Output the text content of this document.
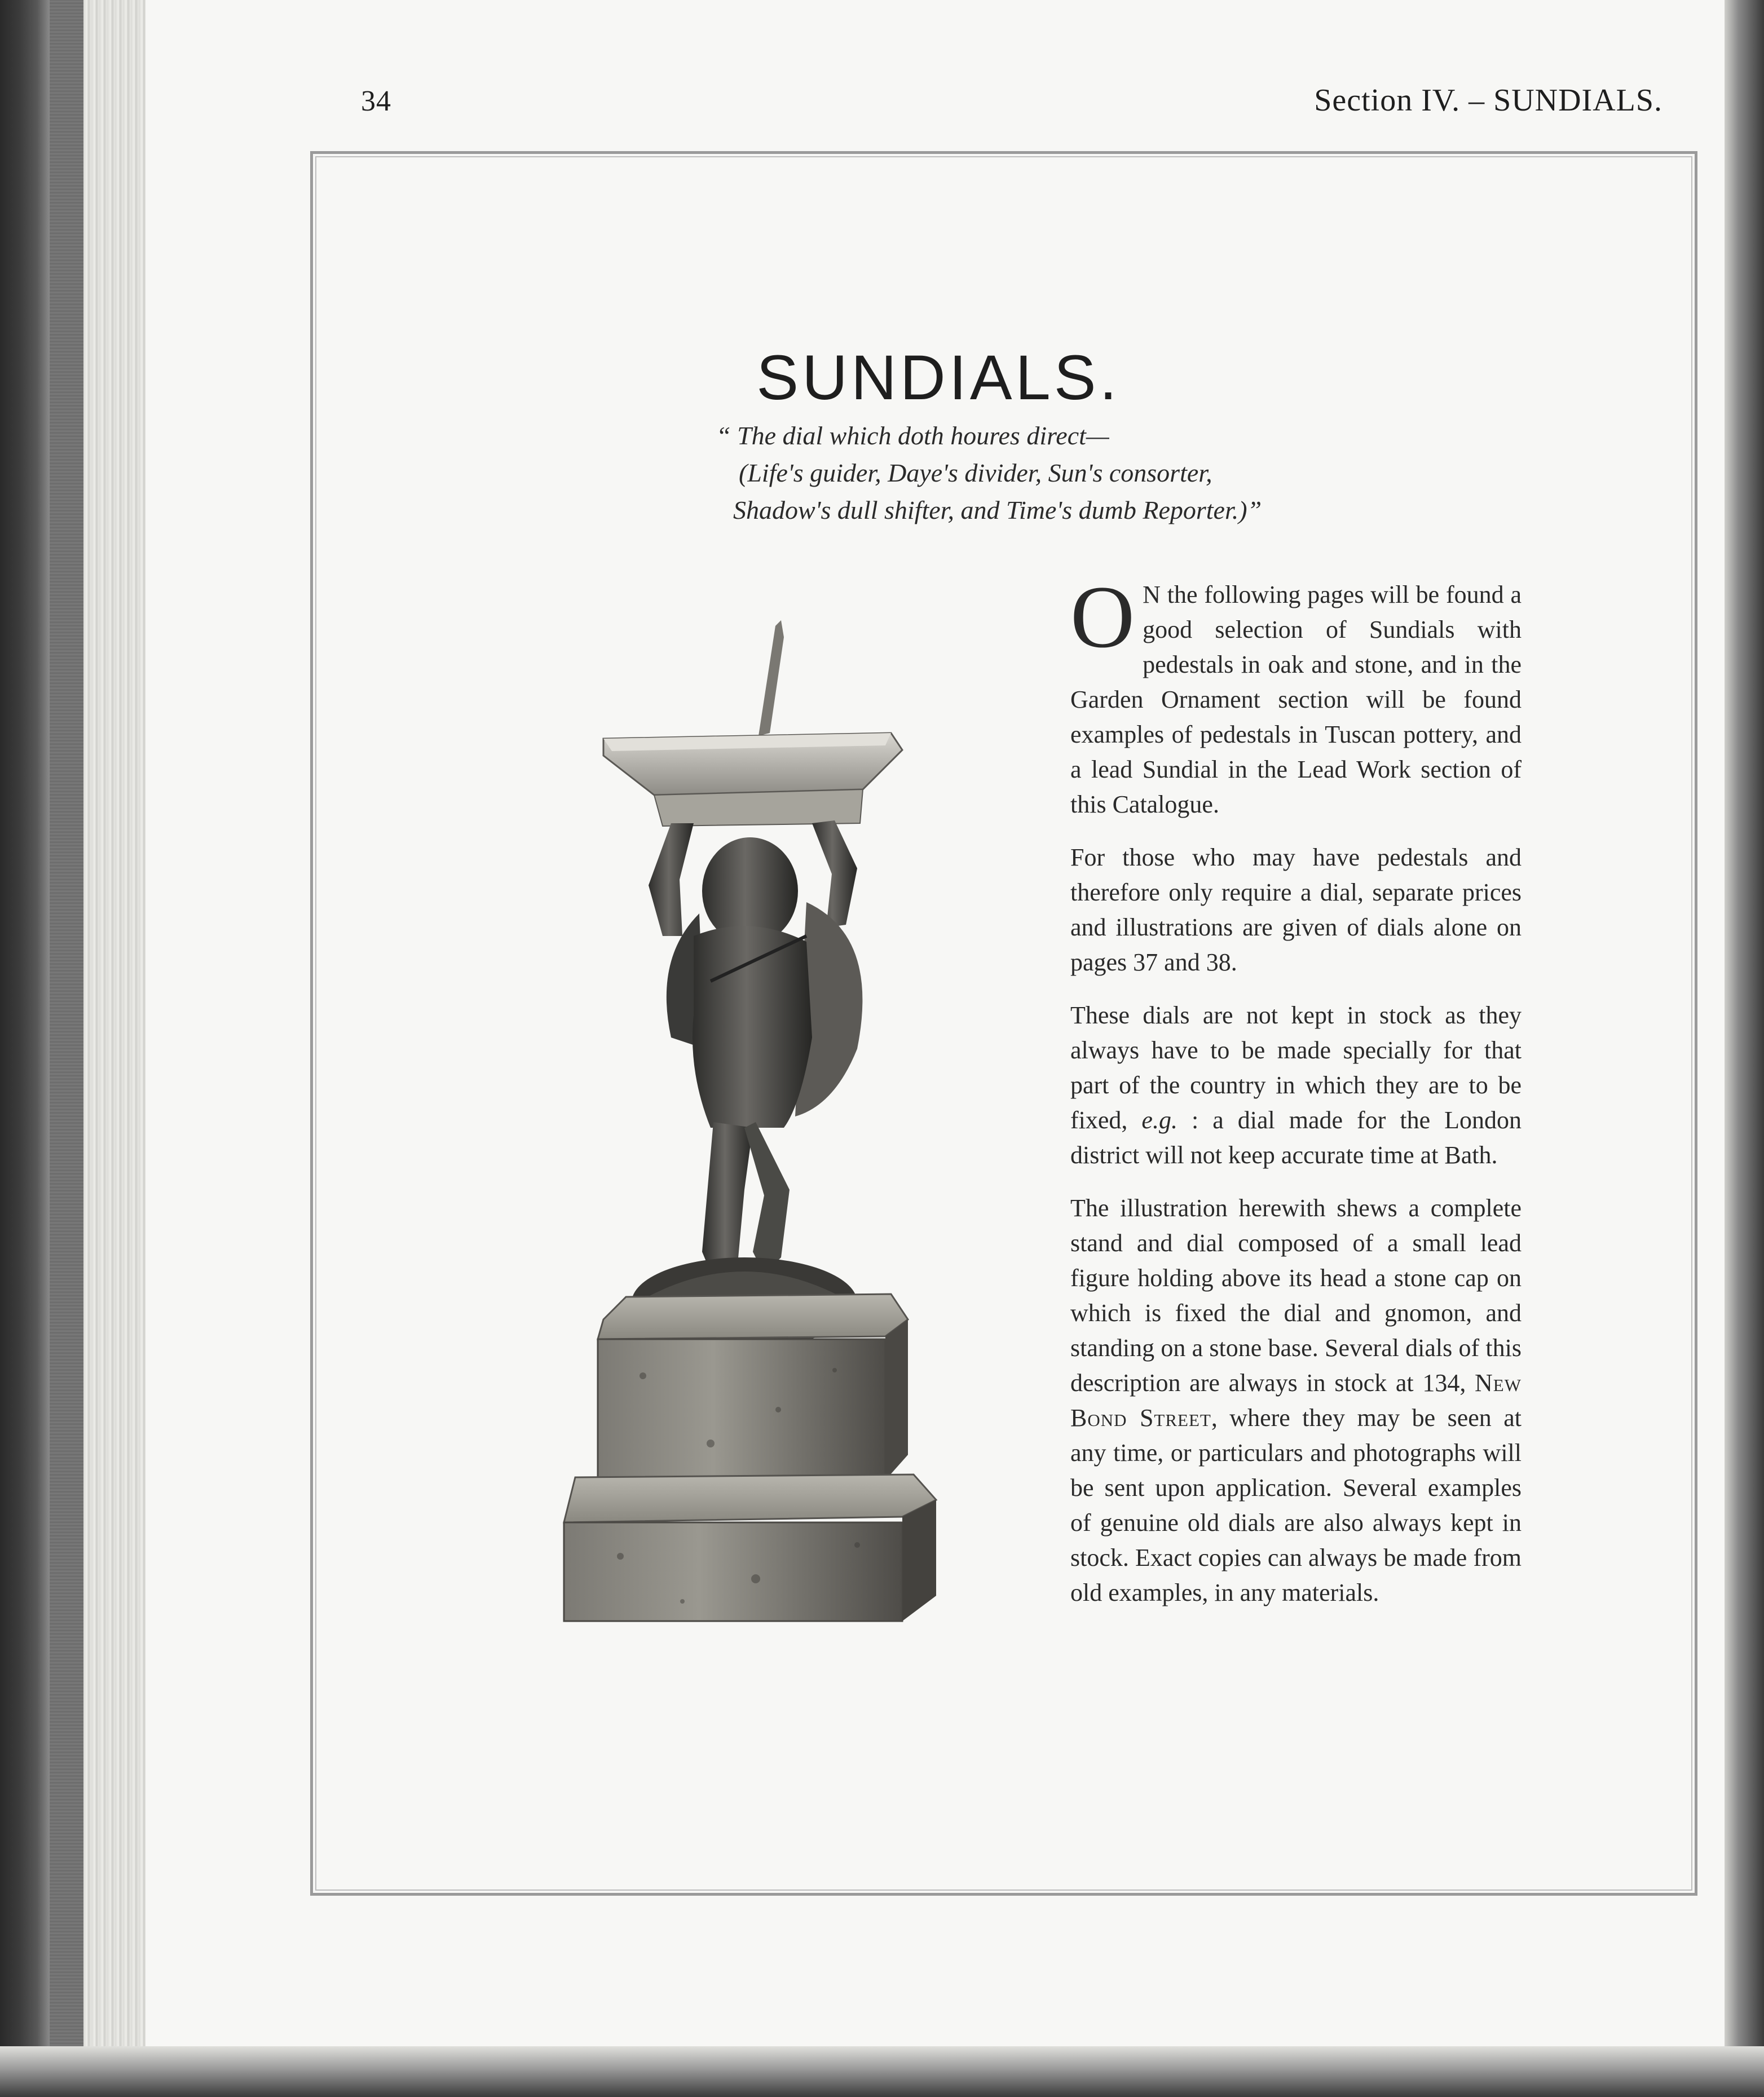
34	Section IV. – SUNDIALS.
SUNDIALS.
“ The dial which doth houres direct—
(Life's guider, Daye's divider, Sun's consorter,
Shadow's dull shifter, and Time's dumb Reporter.)”

O N the following pages will be found a good selection of Sundials with pedestals in oak and stone, and in the Garden Ornament section will be found examples of pedestals in Tuscan pottery, and a lead Sundial in the Lead Work section of this Catalogue.

For those who may have pedestals and therefore only require a dial, separate prices and illustrations are given of dials alone on pages 37 and 38.

These dials are not kept in stock as they always have to be made specially for that part of the country in which they are to be fixed, e.g. : a dial made for the London district will not keep accurate time at Bath.

The illustration herewith shews a complete stand and dial composed of a small lead figure holding above its head a stone cap on which is fixed the dial and gnomon, and standing on a stone base. Several dials of this description are always in stock at 134, New Bond Street, where they may be seen at any time, or particulars and photographs will be sent upon application. Several examples of genuine old dials are also always kept in stock. Exact copies can always be made from old examples, in any materials.
